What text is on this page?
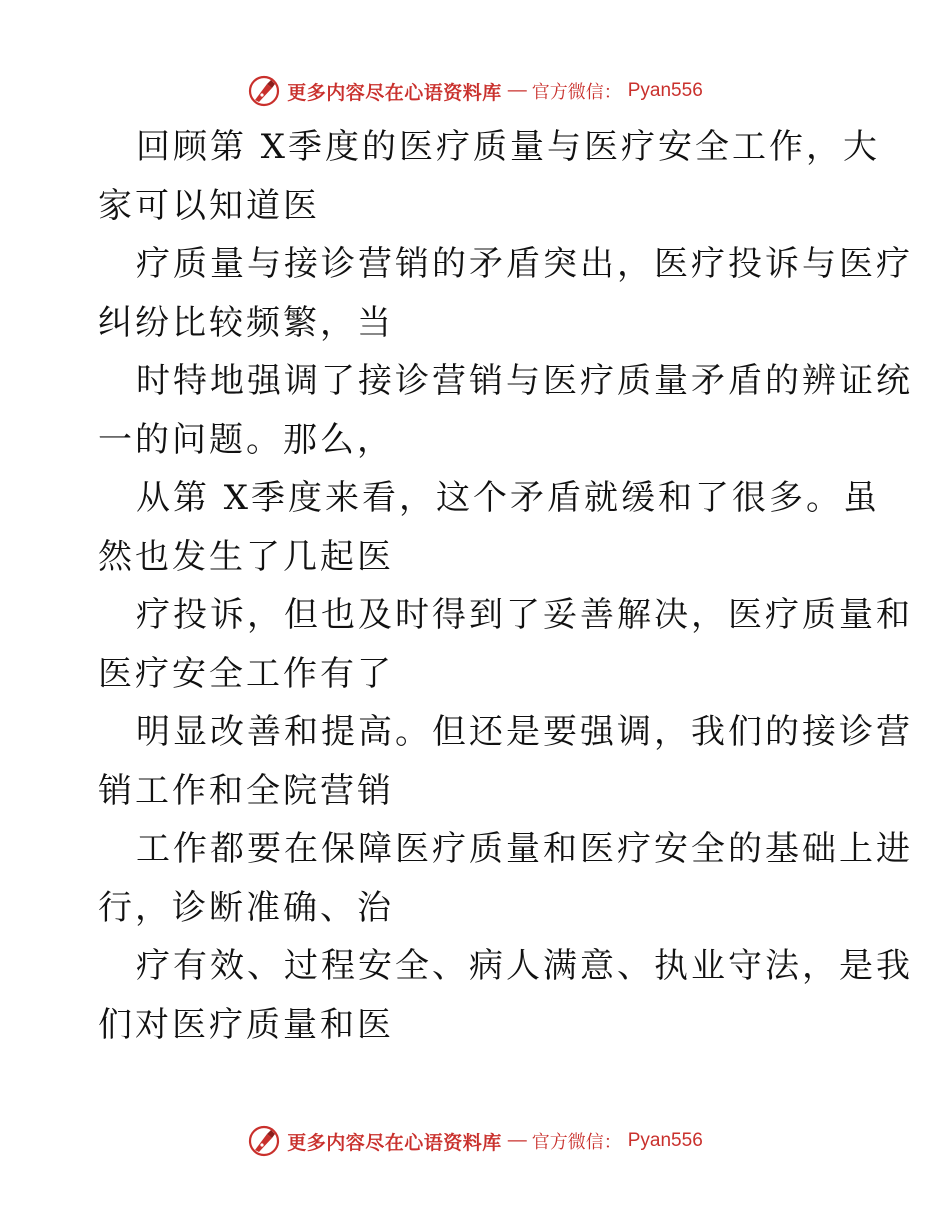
更多内容尽在心语资料库 — 官方微信： Pyan556
回顾第 X季度的医疗质量与医疗安全工作，大
家可以知道医
疗质量与接诊营销的矛盾突出，医疗投诉与医疗
纠纷比较频繁，当
时特地强调了接诊营销与医疗质量矛盾的辨证统
一的问题。那么，
从第 X季度来看，这个矛盾就缓和了很多。虽
然也发生了几起医
疗投诉，但也及时得到了妥善解决，医疗质量和
医疗安全工作有了
明显改善和提高。但还是要强调，我们的接诊营
销工作和全院营销
工作都要在保障医疗质量和医疗安全的基础上进
行，诊断准确、治
疗有效、过程安全、病人满意、执业守法，是我
们对医疗质量和医
更多内容尽在心语资料库 — 官方微信： Pyan556
